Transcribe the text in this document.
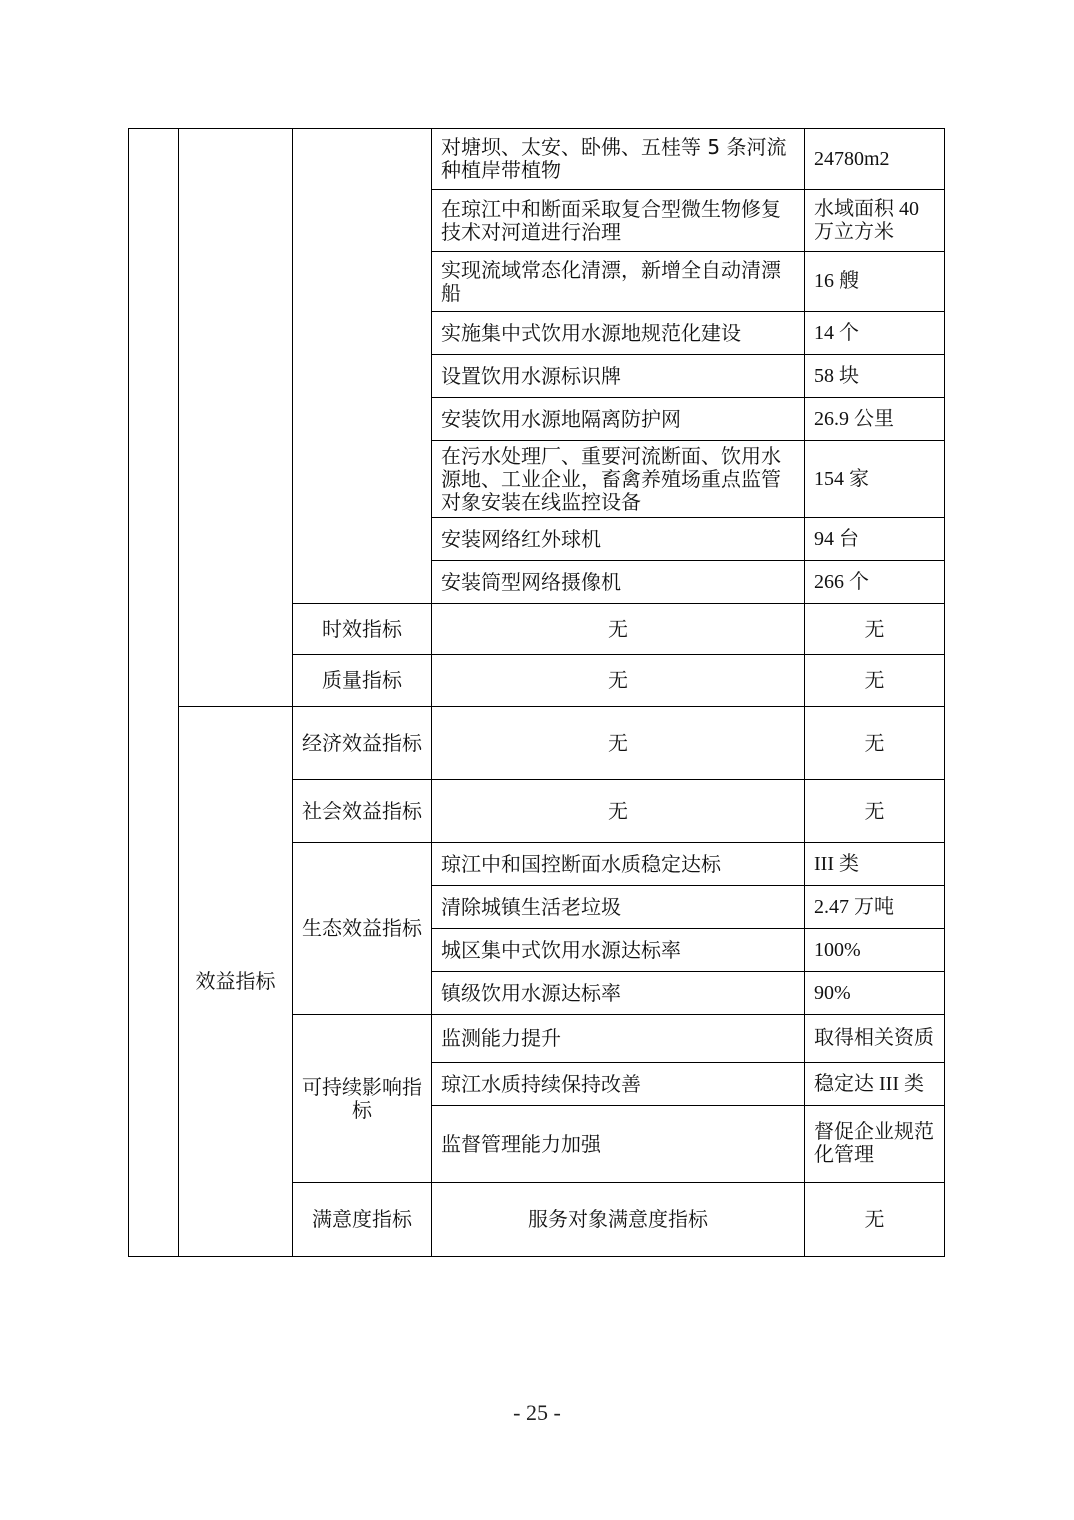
			对塘坝、太安、卧佛、五桂等 5 条河流种植岸带植物	24780m2	
			在琼江中和断面采取复合型微生物修复技术对河道进行治理	水域面积 40 万立方米	
			实现流域常态化清漂，新增全自动清漂船	16 艘	
			实施集中式饮用水源地规范化建设	14 个	
			设置饮用水源标识牌	58 块	
			安装饮用水源地隔离防护网	26.9 公里	
			在污水处理厂、重要河流断面、饮用水源地、工业企业，畜禽养殖场重点监管对象安装在线监控设备	154 家	
			安装网络红外球机	94 台	
			安装筒型网络摄像机	266 个	
		时效指标	无	无	
		质量指标	无	无	
	效益指标	经济效益指标	无	无	
		社会效益指标	无	无	
		生态效益指标	琼江中和国控断面水质稳定达标	III 类	
			清除城镇生活老垃圾	2.47 万吨	
			城区集中式饮用水源达标率	100%	
			镇级饮用水源达标率	90%	
		可持续影响指标	监测能力提升	取得相关资质	
			琼江水质持续保持改善	稳定达 III 类	
			监督管理能力加强	督促企业规范化管理	
		满意度指标	服务对象满意度指标	无	
- 25 -
